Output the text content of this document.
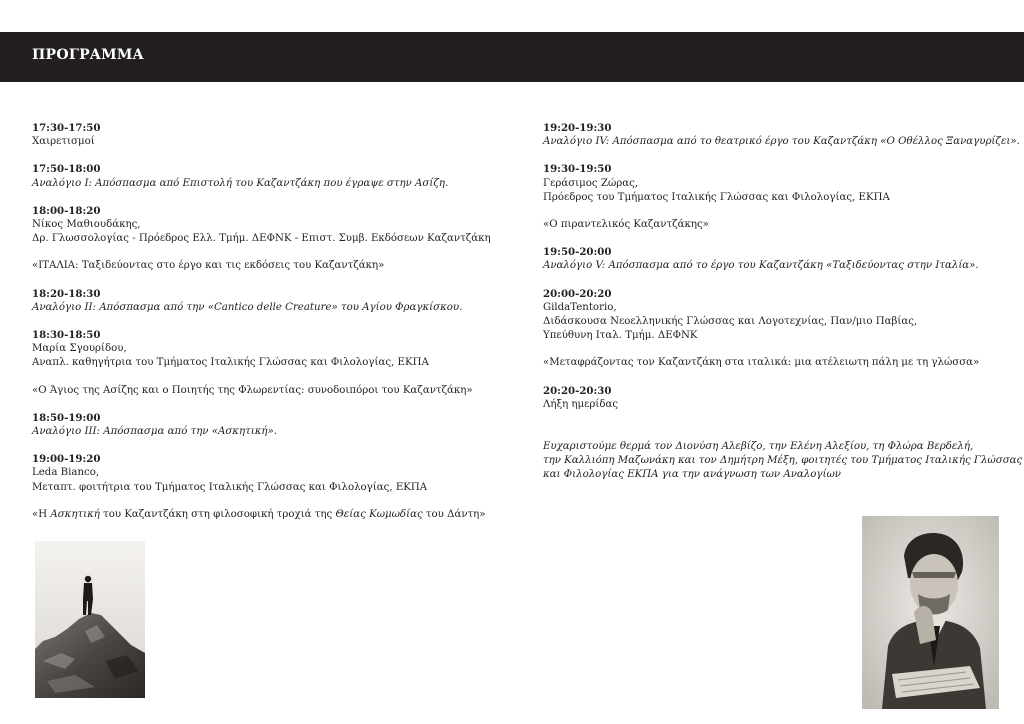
ΠΡΟΓΡΑΜΜΑ
17:30-17:50
Χαιρετισμοί
17:50-18:00
Αναλόγιο Ι: Απόσπασμα από Επιστολή του Καζαντζάκη που έγραψε στην Ασίζη.
18:00-18:20
Νίκος Μαθιουδάκης,
Δρ. Γλωσσολογίας - Πρόεδρος Ελλ. Τμήμ. ΔΕΦΝΚ - Επιστ. Συμβ. Εκδόσεων Καζαντζάκη
«ΙΤΑΛΙΑ: Ταξιδεύοντας στο έργο και τις εκδόσεις του Καζαντζάκη»
18:20-18:30
Αναλόγιο ΙΙ: Απόσπασμα από την «Cantico delle Creature» του Αγίου Φραγκίσκου.
18:30-18:50
Μαρία Σγουρίδου,
Αναπλ. καθηγήτρια του Τμήματος Ιταλικής Γλώσσας και Φιλολογίας, ΕΚΠΑ
«Ο Άγιος της Ασίζης και ο Ποιητής της Φλωρεντίας: συνοδοιπόροι του Καζαντζάκη»
18:50-19:00
Αναλόγιο ΙΙΙ: Απόσπασμα από την «Ασκητική».
19:00-19:20
Leda Bianco,
Μεταπτ. φοιτήτρια του Τμήματος Ιταλικής Γλώσσας και Φιλολογίας, ΕΚΠΑ
«Η Ασκητική του Καζαντζάκη στη φιλοσοφική τροχιά της Θείας Κωμωδίας του Δάντη»
19:20-19:30
Αναλόγιο IV: Απόσπασμα από το θεατρικό έργο του Καζαντζάκη «Ο Οθέλλος Ξαναγυρίζει».
19:30-19:50
Γεράσιμος Ζώρας,
Πρόεδρος του Τμήματος Ιταλικής Γλώσσας και Φιλολογίας, ΕΚΠΑ
«Ο πιραντελικός Καζαντζάκης»
19:50-20:00
Αναλόγιο V: Απόσπασμα από το έργο του Καζαντζάκη «Ταξιδεύοντας στην Ιταλία».
20:00-20:20
GildaTentorio,
Διδάσκουσα Νεοελληνικής Γλώσσας και Λογοτεχνίας, Παν/μιο Παβίας,
Υπεύθυνη Ιταλ. Τμήμ. ΔΕΦΝΚ
«Μεταφράζοντας τον Καζαντζάκη στα ιταλικά: μια ατέλειωτη πάλη με τη γλώσσα»
20:20-20:30
Λήξη ημερίδας
Ευχαριστούμε θερμά τον Διονύση Αλεβίζο, την Ελένη Αλεξίου, τη Φλώρα Βερδελή,
την Καλλιόπη Μαζωνάκη και τον Δημήτρη Μέξη, φοιτητές του Τμήματος Ιταλικής Γλώσσας
και Φιλολογίας ΕΚΠΑ για την ανάγνωση των Αναλογίων
